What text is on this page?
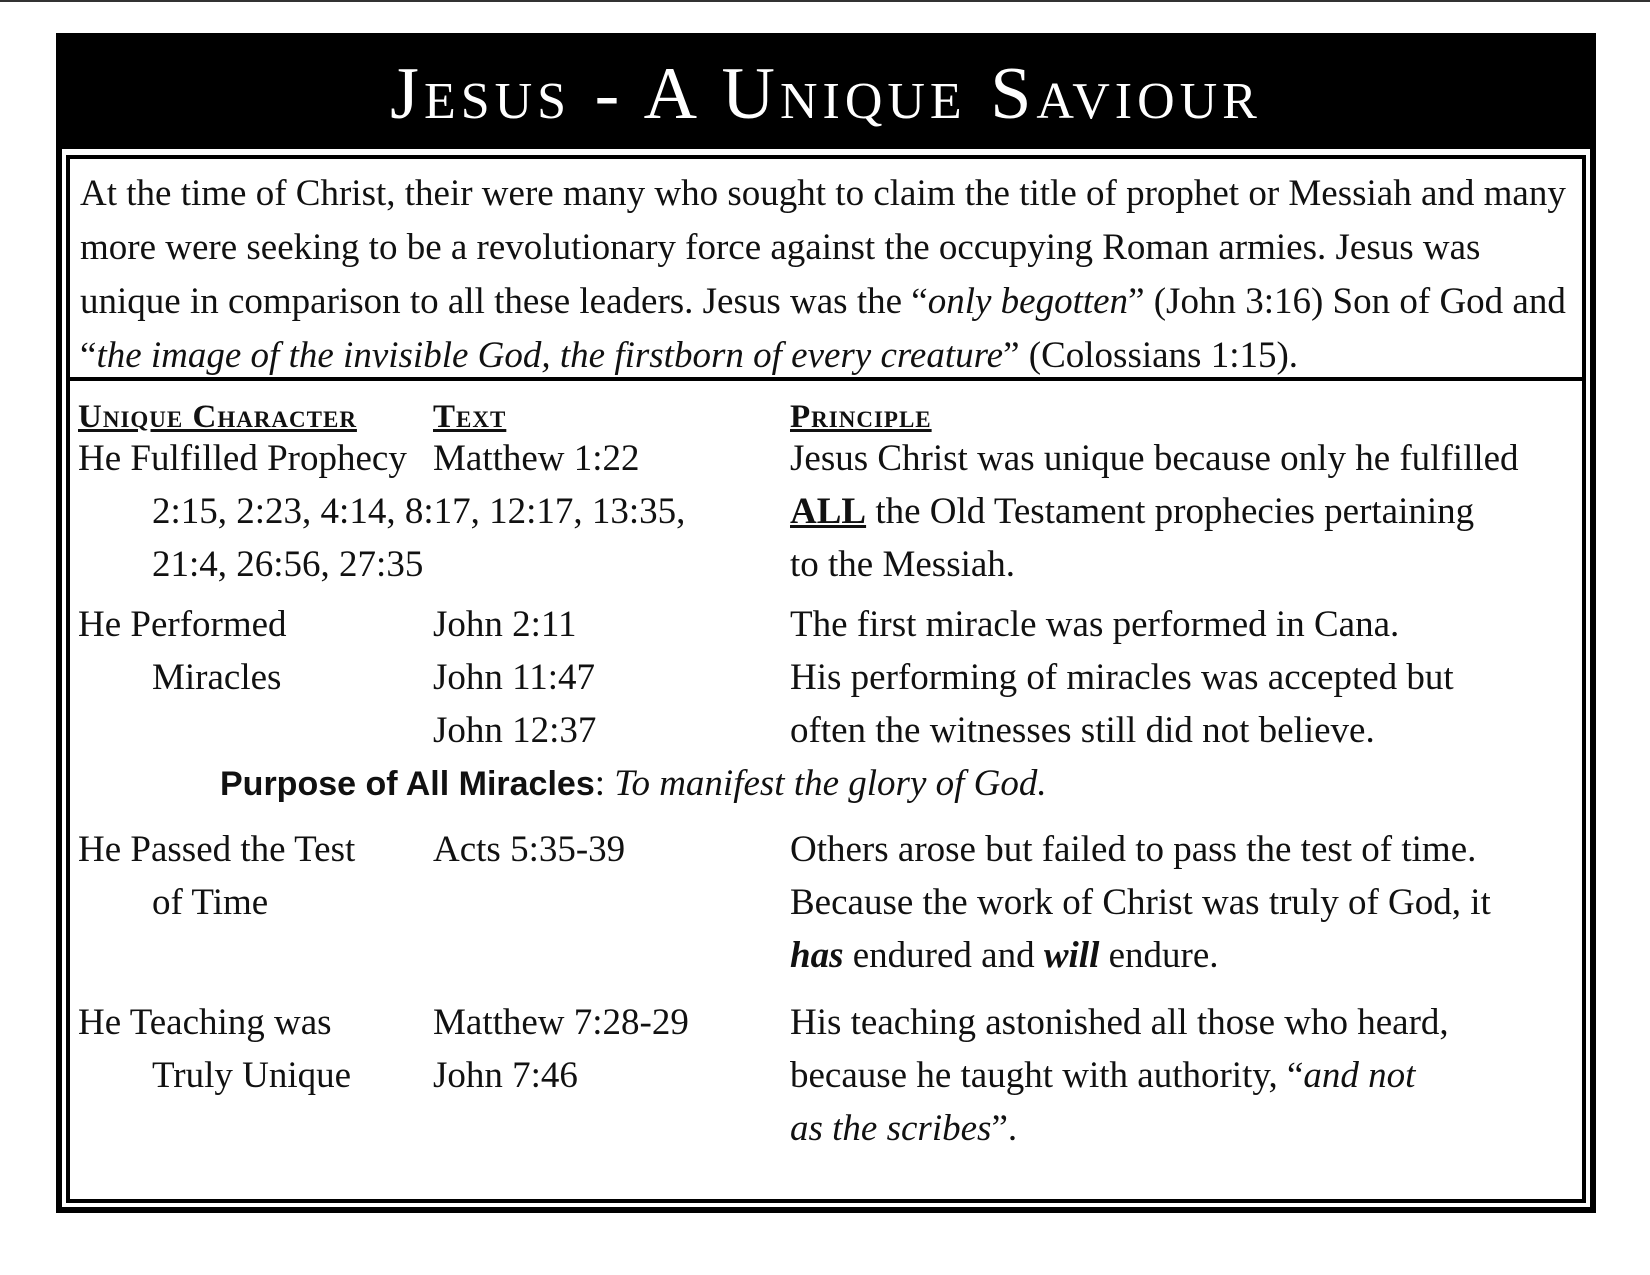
Jesus - A Unique Saviour

At the time of Christ, their were many who sought to claim the title of prophet or Messiah and many more were seeking to be a revolutionary force against the occupying Roman armies. Jesus was unique in comparison to all these leaders. Jesus was the “only begotten” (John 3:16) Son of God and “the image of the invisible God, the firstborn of every creature” (Colossians 1:15).

Unique Character Text	Principle
He Fulfilled Prophecy Matthew 1:22
2:15, 2:23, 4:14, 8:17, 12:17, 13:35,
21:4, 26:56, 27:35
Jesus Christ was unique because only he fulfilled
ALL the Old Testament prophecies pertaining
to the Messiah.
He Performed
Miracles
John 2:11
John 11:47
John 12:37
The first miracle was performed in Cana.
His performing of miracles was accepted but
often the witnesses still did not believe.
Purpose of All Miracles: To manifest the glory of God.
He Passed the Test
of Time
Acts 5:35-39	Others arose but failed to pass the test of time.
Because the work of Christ was truly of God, it
has endured and will endure.
He Teaching was
Truly Unique
Matthew 7:28-29
John 7:46
His teaching astonished all those who heard,
because he taught with authority, “and not
as the scribes”.
